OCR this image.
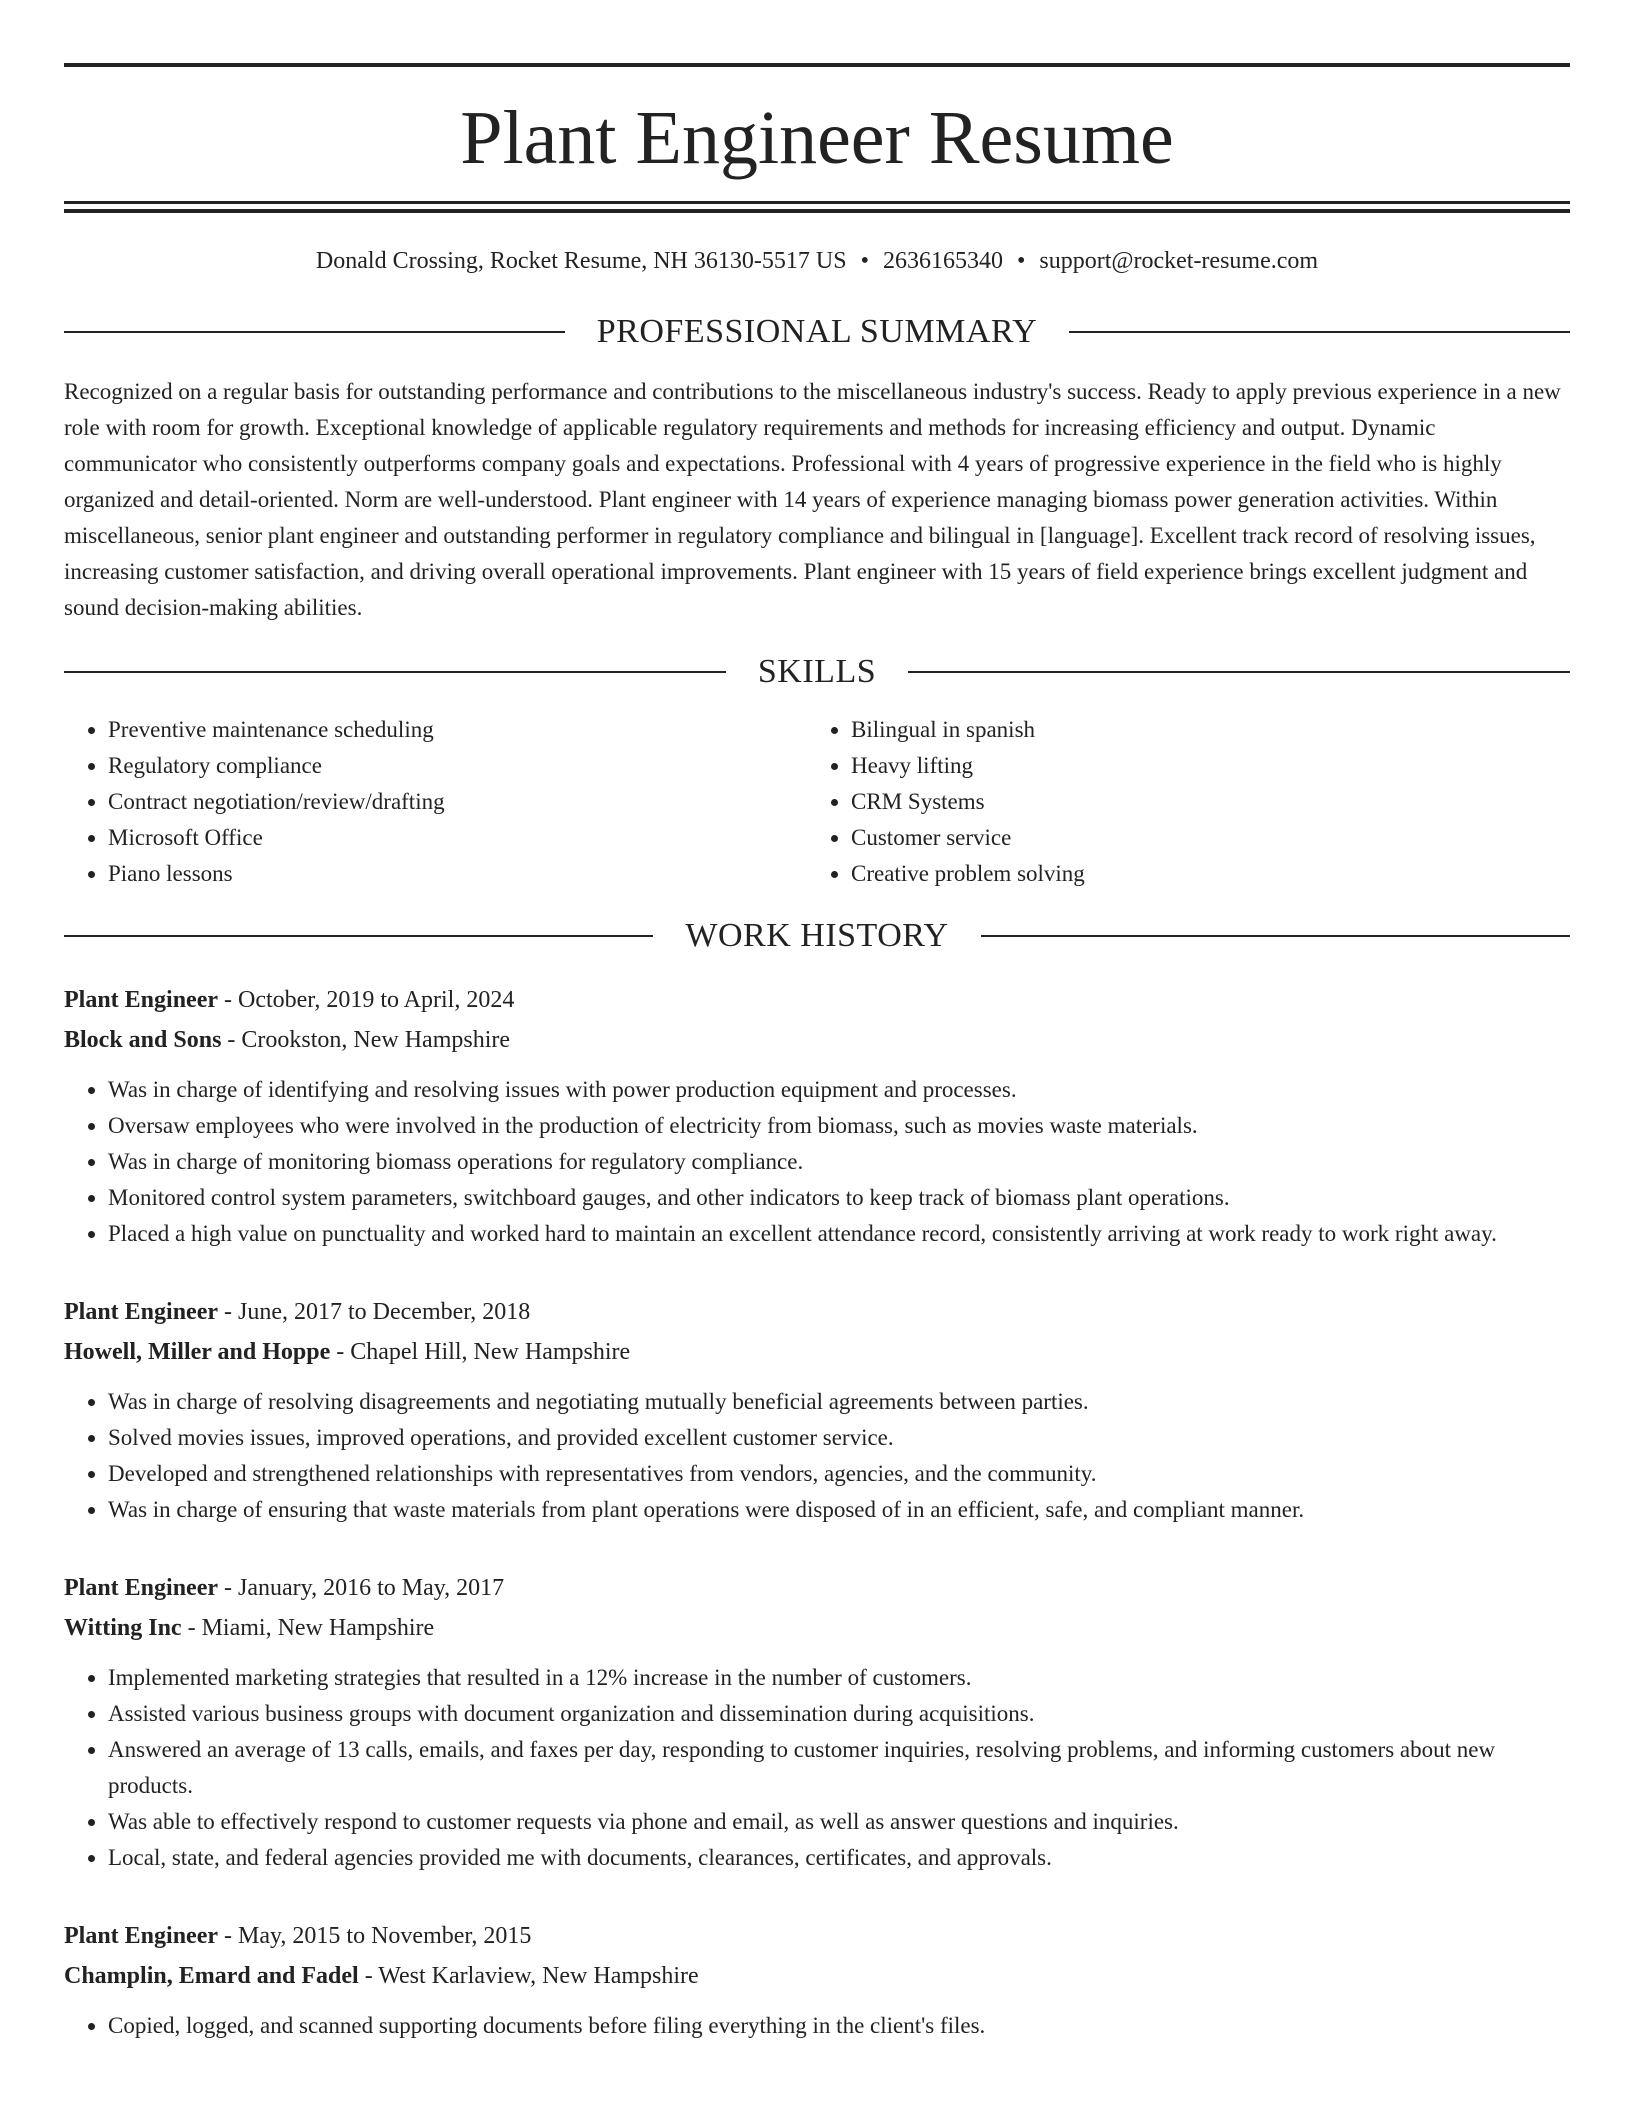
Plant Engineer Resume
Donald Crossing, Rocket Resume, NH 36130-5517 US • 2636165340 • support@rocket-resume.com
PROFESSIONAL SUMMARY
Recognized on a regular basis for outstanding performance and contributions to the miscellaneous industry's success. Ready to apply previous experience in a new role with room for growth. Exceptional knowledge of applicable regulatory requirements and methods for increasing efficiency and output. Dynamic communicator who consistently outperforms company goals and expectations. Professional with 4 years of progressive experience in the field who is highly organized and detail-oriented. Norm are well-understood. Plant engineer with 14 years of experience managing biomass power generation activities. Within miscellaneous, senior plant engineer and outstanding performer in regulatory compliance and bilingual in [language]. Excellent track record of resolving issues, increasing customer satisfaction, and driving overall operational improvements. Plant engineer with 15 years of field experience brings excellent judgment and sound decision-making abilities.
SKILLS
• Preventive maintenance scheduling
• Regulatory compliance
• Contract negotiation/review/drafting
• Microsoft Office
• Piano lessons
• Bilingual in spanish
• Heavy lifting
• CRM Systems
• Customer service
• Creative problem solving
WORK HISTORY
Plant Engineer - October, 2019 to April, 2024
Block and Sons - Crookston, New Hampshire
• Was in charge of identifying and resolving issues with power production equipment and processes.
• Oversaw employees who were involved in the production of electricity from biomass, such as movies waste materials.
• Was in charge of monitoring biomass operations for regulatory compliance.
• Monitored control system parameters, switchboard gauges, and other indicators to keep track of biomass plant operations.
• Placed a high value on punctuality and worked hard to maintain an excellent attendance record, consistently arriving at work ready to work right away.
Plant Engineer - June, 2017 to December, 2018
Howell, Miller and Hoppe - Chapel Hill, New Hampshire
• Was in charge of resolving disagreements and negotiating mutually beneficial agreements between parties.
• Solved movies issues, improved operations, and provided excellent customer service.
• Developed and strengthened relationships with representatives from vendors, agencies, and the community.
• Was in charge of ensuring that waste materials from plant operations were disposed of in an efficient, safe, and compliant manner.
Plant Engineer - January, 2016 to May, 2017
Witting Inc - Miami, New Hampshire
• Implemented marketing strategies that resulted in a 12% increase in the number of customers.
• Assisted various business groups with document organization and dissemination during acquisitions.
• Answered an average of 13 calls, emails, and faxes per day, responding to customer inquiries, resolving problems, and informing customers about new products.
• Was able to effectively respond to customer requests via phone and email, as well as answer questions and inquiries.
• Local, state, and federal agencies provided me with documents, clearances, certificates, and approvals.
Plant Engineer - May, 2015 to November, 2015
Champlin, Emard and Fadel - West Karlaview, New Hampshire
• Copied, logged, and scanned supporting documents before filing everything in the client's files.
